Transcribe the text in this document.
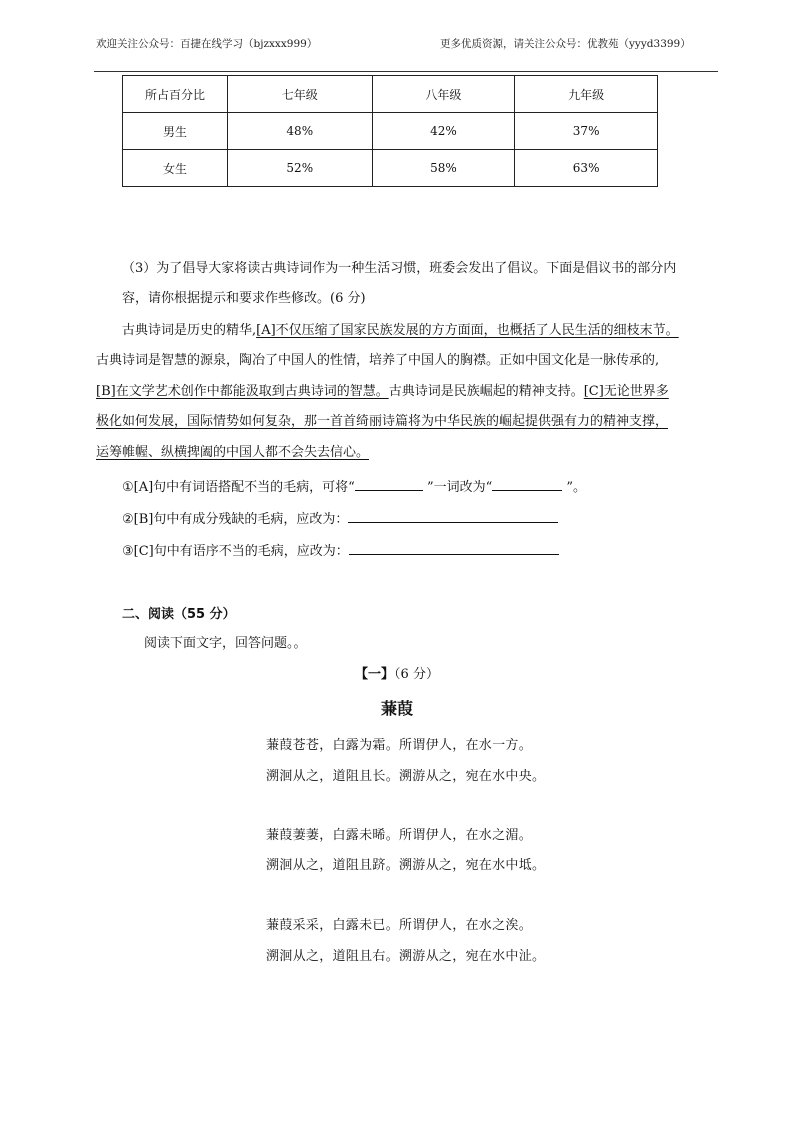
欢迎关注公众号：百捷在线学习（bjzxxx999）	更多优质资源，请关注公众号：优教苑（yyyd3399）
所占百分比	七年级	八年级	九年级
男生	48%	42%	37%
女生	52%	58%	63%
（3）为了倡导大家将读古典诗词作为一种生活习惯，班委会发出了倡议。下面是倡议书的部分内
容，请你根据提示和要求作些修改。(6 分)
古典诗词是历史的精华,[A]不仅压缩了国家民族发展的方方面面，也概括了人民生活的细枝末节。
古典诗词是智慧的源泉，陶冶了中国人的性情，培养了中国人的胸襟。正如中国文化是一脉传承的,
[B]在文学艺术创作中都能汲取到古典诗词的智慧。古典诗词是民族崛起的精神支持。[C]无论世界多
极化如何发展，国际情势如何复杂，那一首首绮丽诗篇将为中华民族的崛起提供强有力的精神支撑，
运筹帷幄、纵横捭阖的中国人都不会失去信心。
①[A]句中有词语搭配不当的毛病，可将“	”一词改为“	”。
②[B]句中有成分残缺的毛病，应改为：
③[C]句中有语序不当的毛病，应改为：
二、阅读（55 分）
阅读下面文字，回答问题。。
【一】（6 分）
蒹葭
蒹葭苍苍，白露为霜。所谓伊人，在水一方。
溯洄从之，道阻且长。溯游从之，宛在水中央。
蒹葭萋萋，白露未晞。所谓伊人，在水之湄。
溯洄从之，道阻且跻。溯游从之，宛在水中坻。
蒹葭采采，白露未已。所谓伊人，在水之涘。
溯洄从之，道阻且右。溯游从之，宛在水中沚。
